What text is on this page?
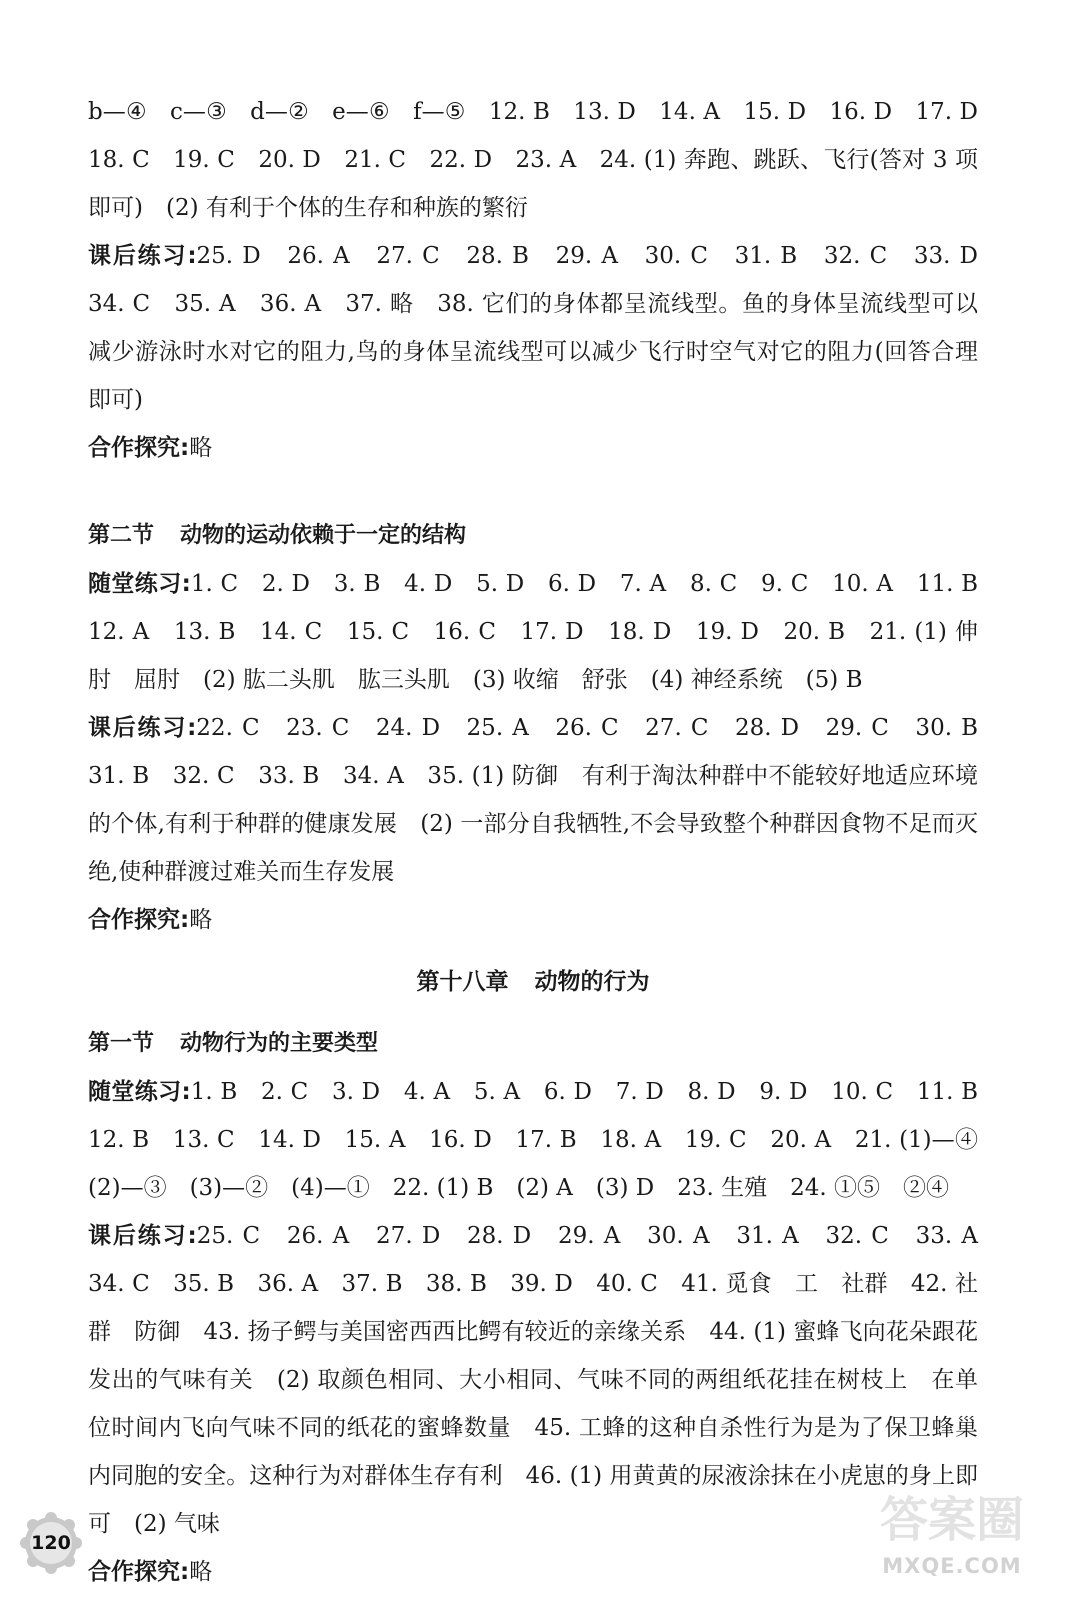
b—④　c—③　d—②　e—⑥　f—⑤　12. B　13. D　14. A　15. D　16. D　17. D　18. C　19. C　20. D　21. C　22. D　23. A　24. (1) 奔跑、跳跃、飞行(答对 3 项即可)　(2) 有利于个体的生存和种族的繁衍

课后练习:25. D　26. A　27. C　28. B　29. A　30. C　31. B　32. C　33. D　34. C　35. A　36. A　37. 略　38. 它们的身体都呈流线型。鱼的身体呈流线型可以减少游泳时水对它的阻力,鸟的身体呈流线型可以减少飞行时空气对它的阻力(回答合理即可)

合作探究:略

第二节 动物的运动依赖于一定的结构

随堂练习:1. C　2. D　3. B　4. D　5. D　6. D　7. A　8. C　9. C　10. A　11. B　12. A　13. B　14. C　15. C　16. C　17. D　18. D　19. D　20. B　21. (1) 伸肘　屈肘　(2) 肱二头肌　肱三头肌　(3) 收缩　舒张　(4) 神经系统　(5) B

课后练习:22. C　23. C　24. D　25. A　26. C　27. C　28. D　29. C　30. B　31. B　32. C　33. B　34. A　35. (1) 防御　有利于淘汰种群中不能较好地适应环境的个体,有利于种群的健康发展　(2) 一部分自我牺牲,不会导致整个种群因食物不足而灭绝,使种群渡过难关而生存发展

合作探究:略

第十八章 动物的行为
第一节 动物行为的主要类型

随堂练习:1. B　2. C　3. D　4. A　5. A　6. D　7. D　8. D　9. D　10. C　11. B　12. B　13. C　14. D　15. A　16. D　17. B　18. A　19. C　20. A　21. (1)—④　(2)—③　(3)—②　(4)—①　22. (1) B　(2) A　(3) D　23. 生殖　24. ①⑤　②④

课后练习:25. C　26. A　27. D　28. D　29. A　30. A　31. A　32. C　33. A　34. C　35. B　36. A　37. B　38. B　39. D　40. C　41. 觅食　工　社群　42. 社群　防御　43. 扬子鳄与美国密西西比鳄有较近的亲缘关系　44. (1) 蜜蜂飞向花朵跟花发出的气味有关　(2) 取颜色相同、大小相同、气味不同的两组纸花挂在树枝上　在单位时间内飞向气味不同的纸花的蜜蜂数量　45. 工蜂的这种自杀性行为是为了保卫蜂巢内同胞的安全。这种行为对群体生存有利　46. (1) 用黄黄的尿液涂抹在小虎崽的身上即可　(2) 气味

合作探究:略

120	答案圈
MXQE.COM
